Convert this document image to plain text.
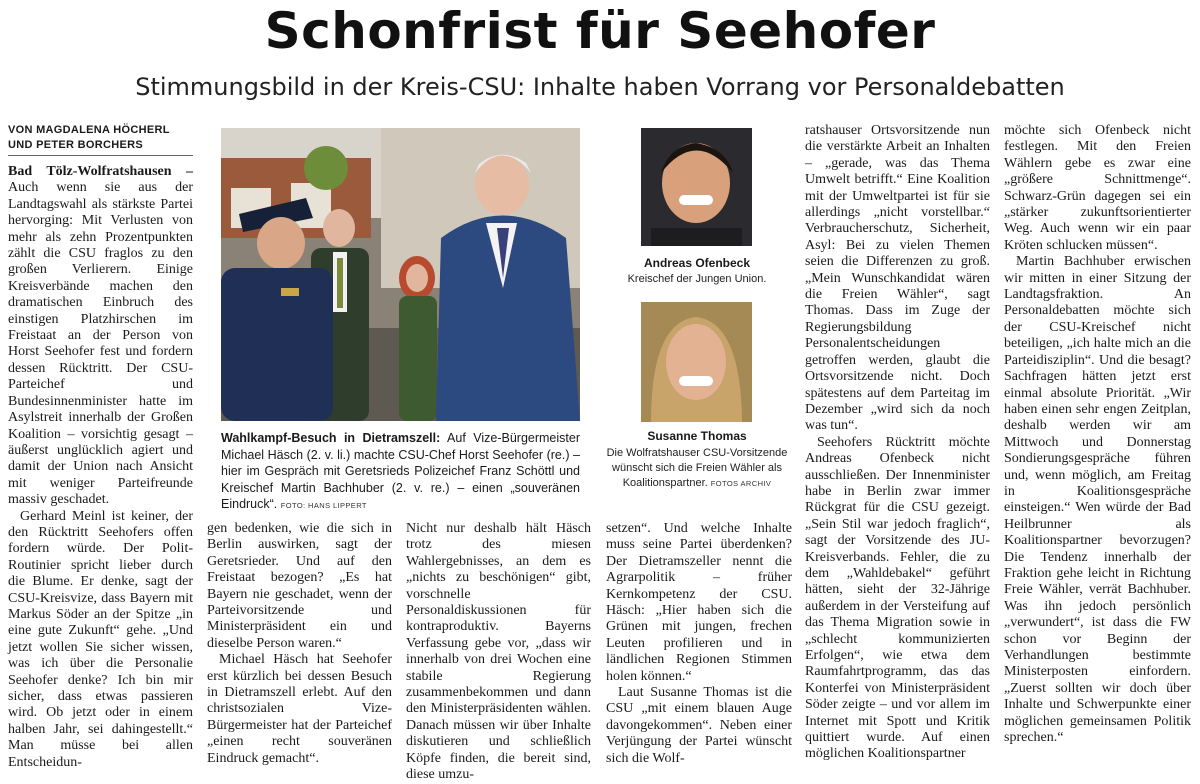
Schonfrist für Seehofer
Stimmungsbild in der Kreis-CSU: Inhalte haben Vorrang vor Personaldebatten
VON MAGDALENA HÖCHERL
UND PETER BORCHERS

Bad Tölz-Wolfratshausen – Auch wenn sie aus der Landtagswahl als stärkste Partei hervorging: Mit Verlusten von mehr als zehn Prozentpunkten zählt die CSU fraglos zu den großen Verlierern. Einige Kreisverbände machen den dramatischen Einbruch des einstigen Platzhirschen im Freistaat an der Person von Horst Seehofer fest und fordern dessen Rücktritt. Der CSU-Parteichef und Bundesinnenminister hatte im Asylstreit innerhalb der Großen Koalition – vorsichtig gesagt – äußerst unglücklich agiert und damit der Union nach Ansicht mit weniger Parteifreunde massiv geschadet.

Gerhard Meinl ist keiner, der den Rücktritt Seehofers offen fordern würde. Der Polit-Routinier spricht lieber durch die Blume. Er denke, sagt der CSU-Kreisvize, dass Bayern mit Markus Söder an der Spitze „in eine gute Zukunft“ gehe. „Und jetzt wollen Sie sicher wissen, was ich über die Personalie Seehofer denke? Ich bin mir sicher, dass etwas passieren wird. Ob jetzt oder in einem halben Jahr, sei dahingestellt.“ Man müsse bei allen Entscheidun-

Wahlkampf-Besuch in Dietramszell: Auf Vize-Bürgermeister Michael Häsch (2. v. li.) machte CSU-Chef Horst Seehofer (re.) – hier im Gespräch mit Geretsrieds Polizeichef Franz Schöttl und Kreischef Martin Bachhuber (2. v. re.) – einen „souveränen Eindruck“. FOTO: HANS LIPPERT
Andreas Ofenbeck
Kreischef der Jungen Union.
Susanne Thomas
Die Wolfratshauser CSU-Vorsitzende wünscht sich die Freien Wähler als Koalitionspartner. FOTOS ARCHIV

gen bedenken, wie die sich in Berlin auswirken, sagt der Geretsrieder. Und auf den Freistaat bezogen? „Es hat Bayern nie geschadet, wenn der Parteivorsitzende und Ministerpräsident ein und dieselbe Person waren.“

Michael Häsch hat Seehofer erst kürzlich bei dessen Besuch in Dietramszell erlebt. Auf den christsozialen Vize-Bürgermeister hat der Parteichef „einen recht souveränen Eindruck gemacht“.

Nicht nur deshalb hält Häsch trotz des miesen Wahlergebnisses, an dem es „nichts zu beschönigen“ gibt, vorschnelle Personaldiskussionen für kontraproduktiv. Bayerns Verfassung gebe vor, „dass wir innerhalb von drei Wochen eine stabile Regierung zusammenbekommen und dann den Ministerpräsidenten wählen. Danach müssen wir über Inhalte diskutieren und schließlich Köpfe finden, die bereit sind, diese umzu-

setzen“. Und welche Inhalte muss seine Partei überdenken? Der Dietramszeller nennt die Agrarpolitik – früher Kernkompetenz der CSU. Häsch: „Hier haben sich die Grünen mit jungen, frechen Leuten profilieren und in ländlichen Regionen Stimmen holen können.“

Laut Susanne Thomas ist die CSU „mit einem blauen Auge davongekommen“. Neben einer Verjüngung der Partei wünscht sich die Wolf-

ratshauser Ortsvorsitzende nun die verstärkte Arbeit an Inhalten – „gerade, was das Thema Umwelt betrifft.“ Eine Koalition mit der Umweltpartei ist für sie allerdings „nicht vorstellbar.“ Verbraucherschutz, Sicherheit, Asyl: Bei zu vielen Themen seien die Differenzen zu groß. „Mein Wunschkandidat wären die Freien Wähler“, sagt Thomas. Dass im Zuge der Regierungsbildung Personalentscheidungen getroffen werden, glaubt die Ortsvorsitzende nicht. Doch spätestens auf dem Parteitag im Dezember „wird sich da noch was tun“.

Seehofers Rücktritt möchte Andreas Ofenbeck nicht ausschließen. Der Innenminister habe in Berlin zwar immer Rückgrat für die CSU gezeigt. „Sein Stil war jedoch fraglich“, sagt der Vorsitzende des JU-Kreisverbands. Fehler, die zu dem „Wahldebakel“ geführt hätten, sieht der 32-Jährige außerdem in der Versteifung auf das Thema Migration sowie in „schlecht kommunizierten Erfolgen“, wie etwa dem Raumfahrtprogramm, das das Konterfei von Ministerpräsident Söder zeigte – und vor allem im Internet mit Spott und Kritik quittiert wurde. Auf einen möglichen Koalitionspartner

möchte sich Ofenbeck nicht festlegen. Mit den Freien Wählern gebe es zwar eine „größere Schnittmenge“. Schwarz-Grün dagegen sei ein „stärker zukunftsorientierter Weg. Auch wenn wir ein paar Kröten schlucken müssen“.

Martin Bachhuber erwischen wir mitten in einer Sitzung der Landtagsfraktion. An Personaldebatten möchte sich der CSU-Kreischef nicht beteiligen, „ich halte mich an die Parteidisziplin“. Und die besagt? Sachfragen hätten jetzt erst einmal absolute Priorität. „Wir haben einen sehr engen Zeitplan, deshalb werden wir am Mittwoch und Donnerstag Sondierungsgespräche führen und, wenn möglich, am Freitag in Koalitionsgespräche einsteigen.“ Wen würde der Bad Heilbrunner als Koalitionspartner bevorzugen? Die Tendenz innerhalb der Fraktion gehe leicht in Richtung Freie Wähler, verrät Bachhuber. Was ihn jedoch persönlich „verwundert“, ist dass die FW schon vor Beginn der Verhandlungen bestimmte Ministerposten einfordern. „Zuerst sollten wir doch über Inhalte und Schwerpunkte einer möglichen gemeinsamen Politik sprechen.“
